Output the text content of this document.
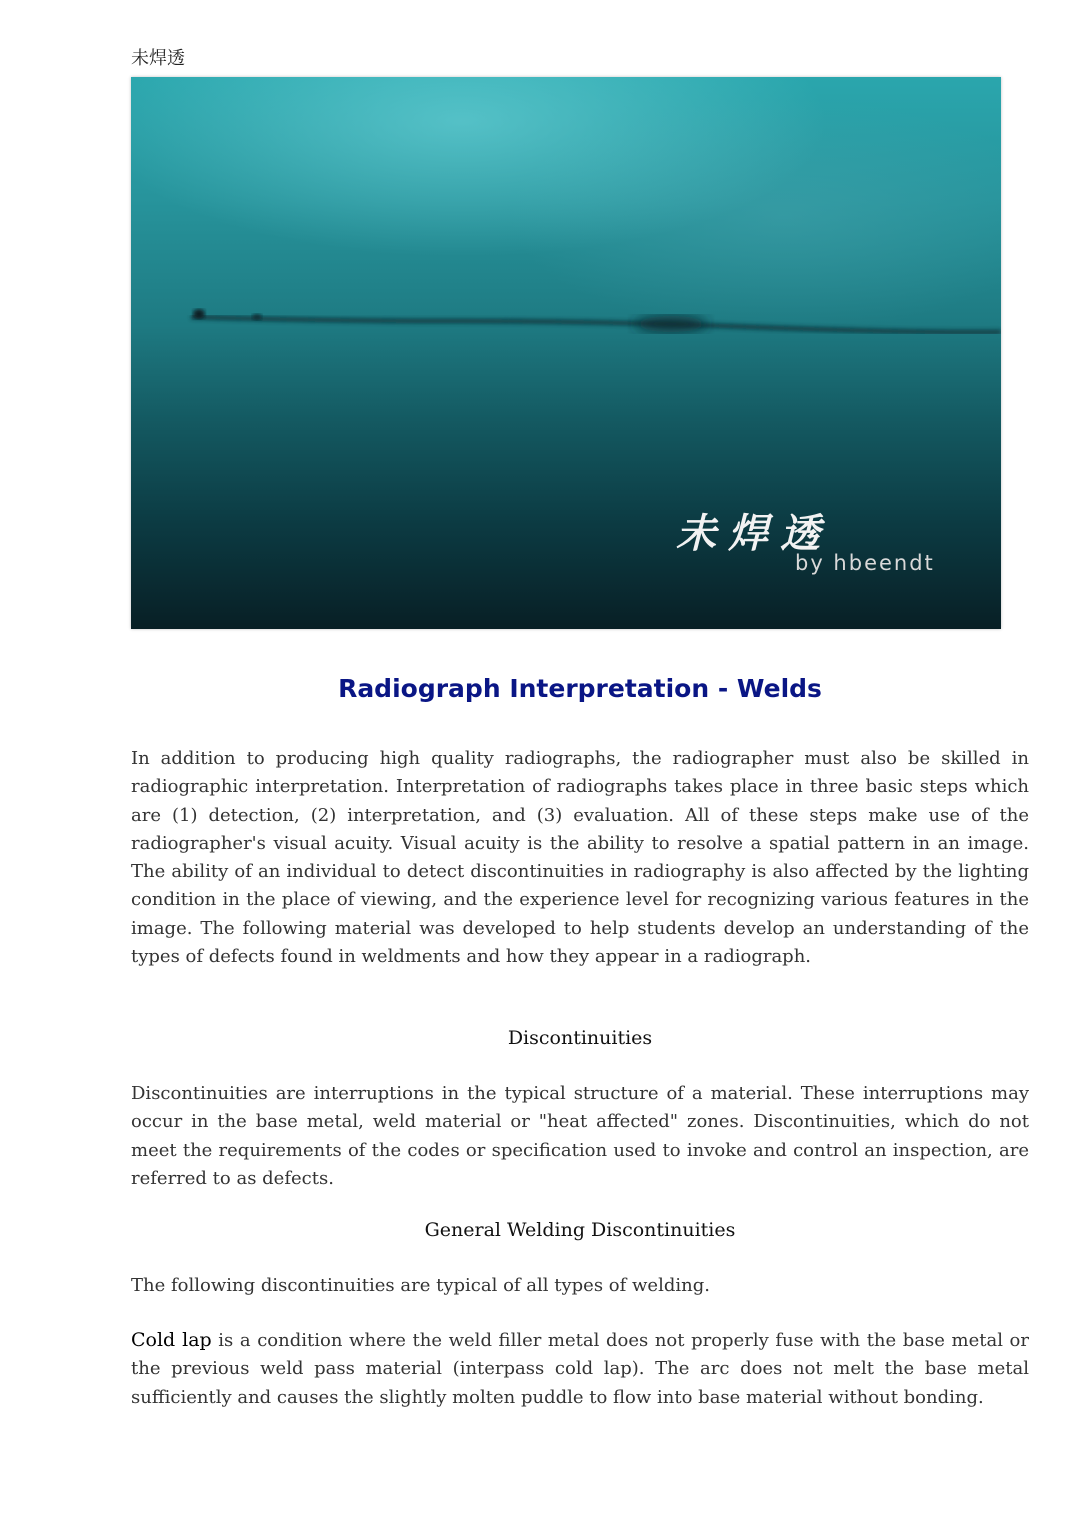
未焊透

未焊透
by hbeendt
Radiograph Interpretation - Welds

In addition to producing high quality radiographs, the radiographer must also be skilled in radiographic interpretation. Interpretation of radiographs takes place in three basic steps which are (1) detection, (2) interpretation, and (3) evaluation. All of these steps make use of the radiographer's visual acuity. Visual acuity is the ability to resolve a spatial pattern in an image. The ability of an individual to detect discontinuities in radiography is also affected by the lighting condition in the place of viewing, and the experience level for recognizing various features in the image. The following material was developed to help students develop an understanding of the types of defects found in weldments and how they appear in a radiograph.

Discontinuities

Discontinuities are interruptions in the typical structure of a material. These interruptions may occur in the base metal, weld material or "heat affected" zones. Discontinuities, which do not meet the requirements of the codes or specification used to invoke and control an inspection, are referred to as defects.

General Welding Discontinuities

The following discontinuities are typical of all types of welding.

Cold lap is a condition where the weld filler metal does not properly fuse with the base metal or the previous weld pass material (interpass cold lap). The arc does not melt the base metal sufficiently and causes the slightly molten puddle to flow into base material without bonding.
